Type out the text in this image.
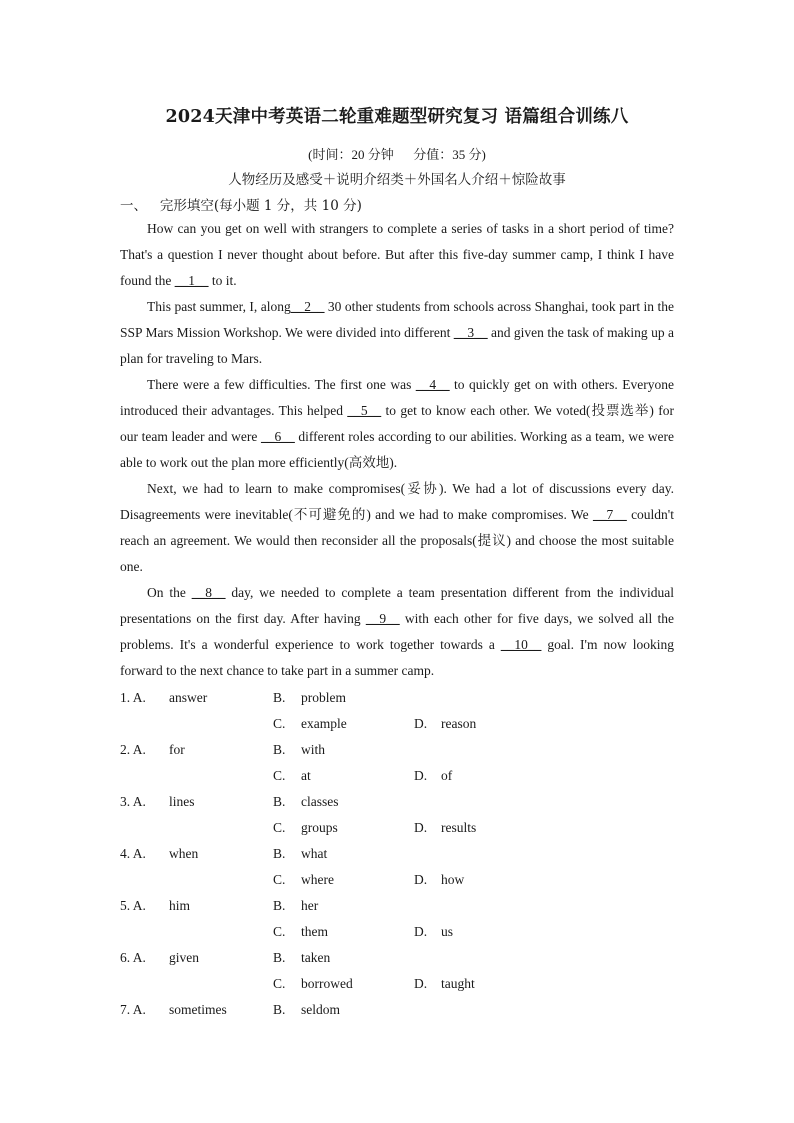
2024天津中考英语二轮重难题型研究复习 语篇组合训练八
(时间：20 分钟      分值：35 分)
人物经历及感受＋说明介绍类＋外国名人介绍＋惊险故事
一、   完形填空(每小题 1 分，共 10 分)

How can you get on well with strangers to complete a series of tasks in a short period of time? That's a question I never thought about before. But after this five-day summer camp, I think I have found the __1__ to it.

This past summer, I, along__2__ 30 other students from schools across Shanghai, took part in the SSP Mars Mission Workshop. We were divided into different __3__ and given the task of making up a plan for traveling to Mars.

There were a few difficulties. The first one was __4__ to quickly get on with others. Everyone introduced their advantages. This helped __5__ to get to know each other. We voted(投票选举) for our team leader and were __6__ different roles according to our abilities. Working as a team, we were able to work out the plan more efficiently(高效地).

Next, we had to learn to make compromises(妥协). We had a lot of discussions every day. Disagreements were inevitable(不可避免的) and we had to make compromises. We __7__ couldn't reach an agreement. We would then reconsider all the proposals(提议) and choose the most suitable one.

On the __8__ day, we needed to complete a team presentation different from the individual presentations on the first day. After having __9__ with each other for five days, we solved all the problems. It's a wonderful experience to work together towards a __10__ goal. I'm now looking forward to the next chance to take part in a summer camp.

1. A. answer	B. problem
C. example	D. reason
2. A. for	B. with
C. at	D. of
3. A. lines	B. classes
C. groups	D. results
4. A. when	B. what
C. where	D. how
5. A. him	B. her
C. them	D. us
6. A. given	B. taken
C. borrowed	D. taught
7. A. sometimes	B. seldom
